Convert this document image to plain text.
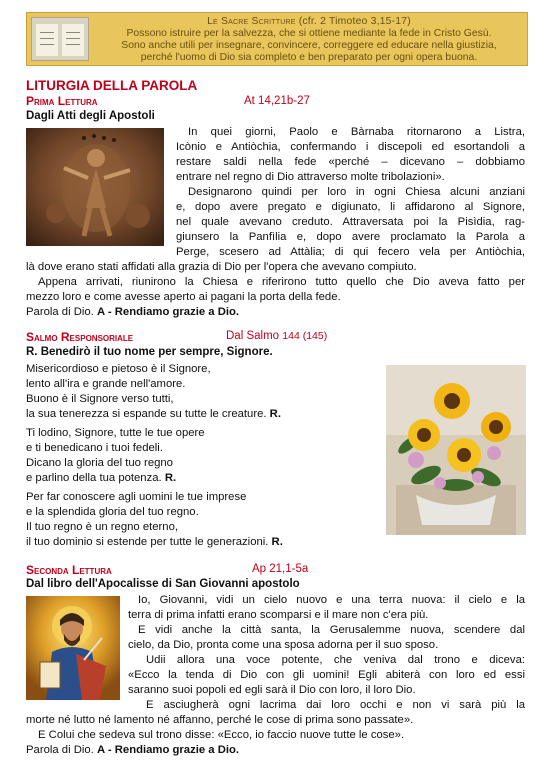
Le Sacre Scritture (cfr. 2 Timoteo 3,15-17)
Possono istruire per la salvezza, che si ottiene mediante la fede in Cristo Gesù.
Sono anche utili per insegnare, convincere, correggere ed educare nella giustizia,
perché l'uomo di Dio sia completo e ben preparato per ogni opera buona.
LITURGIA DELLA PAROLA
Prima Lettura	At 14,21b-27
Dagli Atti degli Apostoli
In quei giorni, Paolo e Bàrnaba ritornarono a Listra,
Icònio e Antiòchia, confermando i discepoli ed esortandoli a
restare saldi nella fede «perché – dicevano – dobbiamo
entrare nel regno di Dio attraverso molte tribolazioni».
Designarono quindi per loro in ogni Chiesa alcuni anziani
e, dopo avere pregato e digiunato, li affidarono al Signore,
nel quale avevano creduto. Attraversata poi la Pisìdia, rag-
giunsero la Panfìlia e, dopo avere proclamato la Parola a
Perge, scesero ad Attàlia; di qui fecero vela per Antiòchia,
là dove erano stati affidati alla grazia di Dio per l'opera che avevano compiuto.
Appena arrivati, riunirono la Chiesa e riferirono tutto quello che Dio aveva fatto per
mezzo loro e come avesse aperto ai pagani la porta della fede.
Parola di Dio. A - Rendiamo grazie a Dio.
Salmo Responsoriale	Dal Salmo 144 (145)
R. Benedirò il tuo nome per sempre, Signore.
Misericordioso e pietoso è il Signore,
lento all'ira e grande nell'amore.
Buono è il Signore verso tutti,
la sua tenerezza si espande su tutte le creature. R.
Ti lodino, Signore, tutte le tue opere
e ti benedicano i tuoi fedeli.
Dicano la gloria del tuo regno
e parlino della tua potenza. R.
Per far conoscere agli uomini le tue imprese
e la splendida gloria del tuo regno.
Il tuo regno è un regno eterno,
il tuo dominio si estende per tutte le generazioni. R.
Seconda Lettura	Ap 21,1-5a
Dal libro dell'Apocalisse di San Giovanni apostolo
Io, Giovanni, vidi un cielo nuovo e una terra nuova: il cielo e la
terra di prima infatti erano scomparsi e il mare non c'era più.
E vidi anche la città santa, la Gerusalemme nuova, scendere dal
cielo, da Dio, pronta come una sposa adorna per il suo sposo.
Udii allora una voce potente, che veniva dal trono e diceva:
«Ecco la tenda di Dio con gli uomini! Egli abiterà con loro ed essi
saranno suoi popoli ed egli sarà il Dio con loro, il loro Dio.
E asciugherà ogni lacrima dai loro occhi e non vi sarà più la
morte né lutto né lamento né affanno, perché le cose di prima sono passate».
E Colui che sedeva sul trono disse: «Ecco, io faccio nuove tutte le cose».
Parola di Dio. A - Rendiamo grazie a Dio.
